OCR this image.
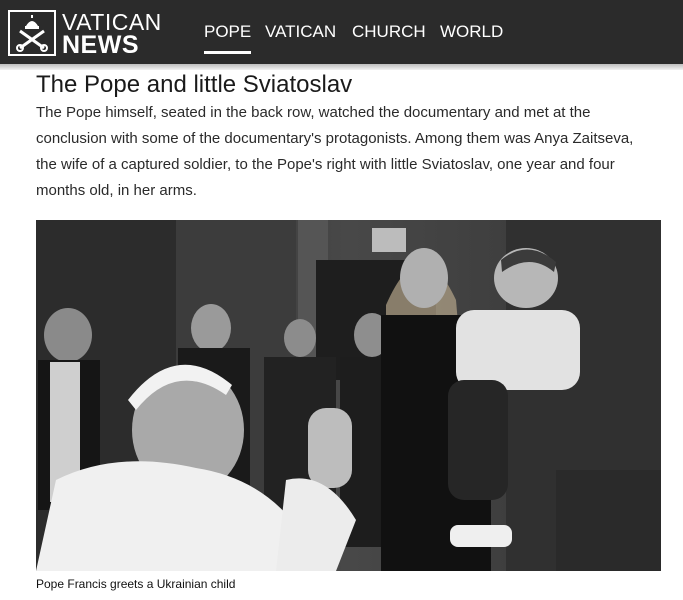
VATICAN
NEWS	POPE VATICAN CHURCH WORLD
The Pope and little Sviatoslav

The Pope himself, seated in the back row, watched the documentary and met at the conclusion with some of the documentary's protagonists. Among them was Anya Zaitseva, the wife of a captured soldier, to the Pope's right with little Sviatoslav, one year and four months old, in her arms.

Pope Francis greets a Ukrainian child
